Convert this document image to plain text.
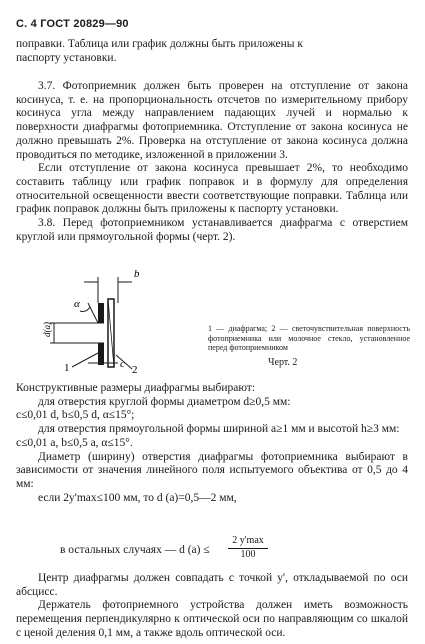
С. 4 ГОСТ 20829—90

поправки. Таблица или график должны быть приложены к

паспорту установки.

3.7. Фотоприемник должен быть проверен на отступление от закона косинуса, т. е. на пропорциональность отсчетов по измерительному прибору косинуса угла между направлением падающих лучей и нормалью к поверхности диафрагмы фотоприемника. Отступление от закона косинуса не должно превышать 2%. Проверка на отступление от закона косинуса должна проводиться по методике, изложенной в приложении 3.

Если отступление от закона косинуса превышает 2%, то необходимо составить таблицу или график поправок и в формулу для определения относительной освещенности ввести соответствующие поправки. Таблица или график поправок должны быть приложены к паспорту установки.

3.8. Перед фотоприемником устанавливается диафрагма с отверстием круглой или прямоугольной формы (черт. 2).

b
α
d(a)
1	c 2
1 — диафрагма; 2 — светочувствительная поверхность фотоприемника или молочное стекло, установленное перед фотоприемником
Черт. 2

Конструктивные размеры диафрагмы выбирают:

для отверстия круглой формы диаметром d≥0,5 мм:

c≤0,01 d, b≤0,5 d, α≤15°;

для отверстия прямоугольной формы шириной a≥1 мм и высотой h≥3 мм:

c≤0,01 a, b≤0,5 a, α≤15°.

Диаметр (ширину) отверстия диафрагмы фотоприемника выбирают в зависимости от значения линейного поля испытуемого объектива от 0,5 до 4 мм:

если 2y'max≤100 мм, то d (a)=0,5—2 мм,

в остальных случаях — d (a) ≤
2 y'max
100

Центр диафрагмы должен совпадать с точкой y', откладываемой по оси абсцисс.

Держатель фотоприемного устройства должен иметь возможность перемещения перпендикулярно к оптической оси по направляющим со шкалой с ценой деления 0,1 мм, а также вдоль оптической оси.
